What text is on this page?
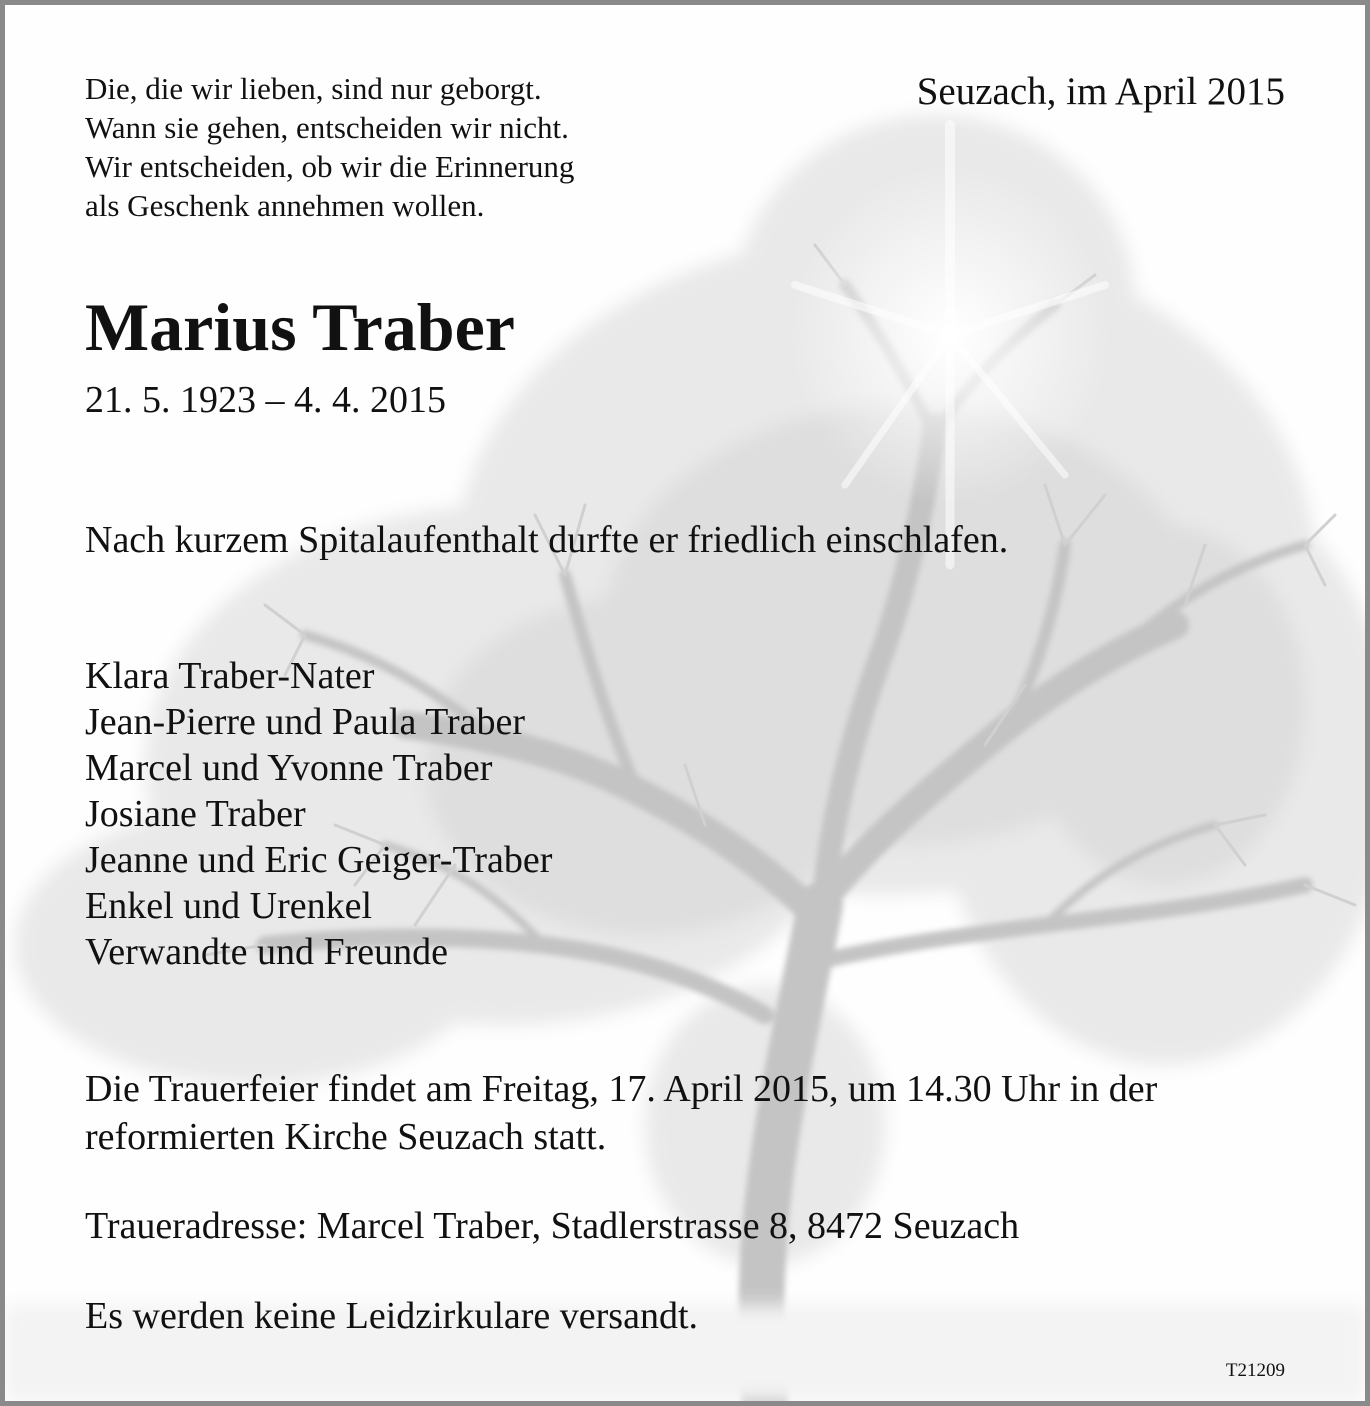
Die, die wir lieben, sind nur geborgt.
Wann sie gehen, entscheiden wir nicht.
Wir entscheiden, ob wir die Erinnerung
als Geschenk annehmen wollen.
Seuzach, im April 2015
Marius Traber
21. 5. 1923 – 4. 4. 2015
Nach kurzem Spitalaufenthalt durfte er friedlich einschlafen.
Klara Traber-Nater
Jean-Pierre und Paula Traber
Marcel und Yvonne Traber
Josiane Traber
Jeanne und Eric Geiger-Traber
Enkel und Urenkel
Verwandte und Freunde
Die Trauerfeier findet am Freitag, 17. April 2015, um 14.30 Uhr in der reformierten Kirche Seuzach statt.
Traueradresse: Marcel Traber, Stadlerstrasse 8, 8472 Seuzach
Es werden keine Leidzirkulare versandt.
T21209
